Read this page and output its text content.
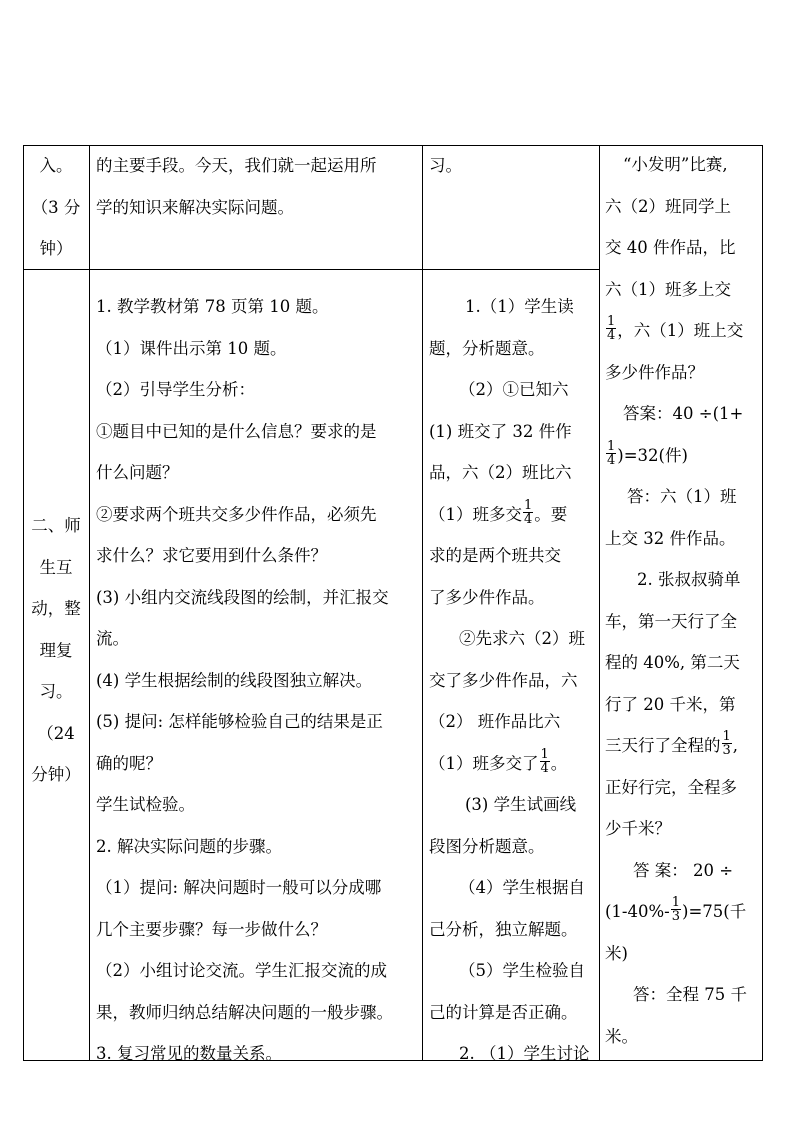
入。
（3 分
钟）
的主要手段。今天，我们就一起运用所
学的知识来解决实际问题。
习。
二、师
生互
动，整
理复
习。
（24
分钟）
1. 教学教材第 78 页第 10 题。
（1）课件出示第 10 题。
（2）引导学生分析：
①题目中已知的是什么信息？要求的是
什么问题？
②要求两个班共交多少件作品，必须先
求什么？求它要用到什么条件？
(3) 小组内交流线段图的绘制，并汇报交
流。
(4) 学生根据绘制的线段图独立解决。
(5) 提问: 怎样能够检验自己的结果是正
确的呢？
学生试检验。
2. 解决实际问题的步骤。
（1）提问: 解决问题时一般可以分成哪
几个主要步骤？每一步做什么？
（2）小组讨论交流。学生汇报交流的成
果，教师归纳总结解决问题的一般步骤。
3. 复习常见的数量关系。
1.（1）学生读
题，分析题意。
（2）①已知六
(1) 班交了 32 件作
品，六（2）班比六
（1）班多交 $\frac{1}{4}$ 。要
求的是两个班共交
了多少件作品。
②先求六（2）班
交了多少件作品，六
（2） 班作品比六
（1）班多交了 $\frac{1}{4}$ 。
(3) 学生试画线
段图分析题意。
（4）学生根据自
己分析，独立解题。
（5）学生检验自
己的计算是否正确。
2. （1）学生讨论
“小发明”比赛,
六（2）班同学上
交 40 件作品，比
六（1）班多上交
$\frac{1}{4}$ ，六（1）班上交
多少件作品？
答案：40 ÷(1+
$\frac{1}{4} )=32$(件)
答：六（1）班
上交 32 件作品。
2. 张叔叔骑单
车，第一天行了全
程的 40%, 第二天
行了 20 千米，第
三天行了全程的 $\frac{1}{3}$ ,
正好行完，全程多
少千米？
答 案： 20 ÷
$(1-40\%- \frac{1}{3} )=75$(千
米)
答：全程 75 千
米。
